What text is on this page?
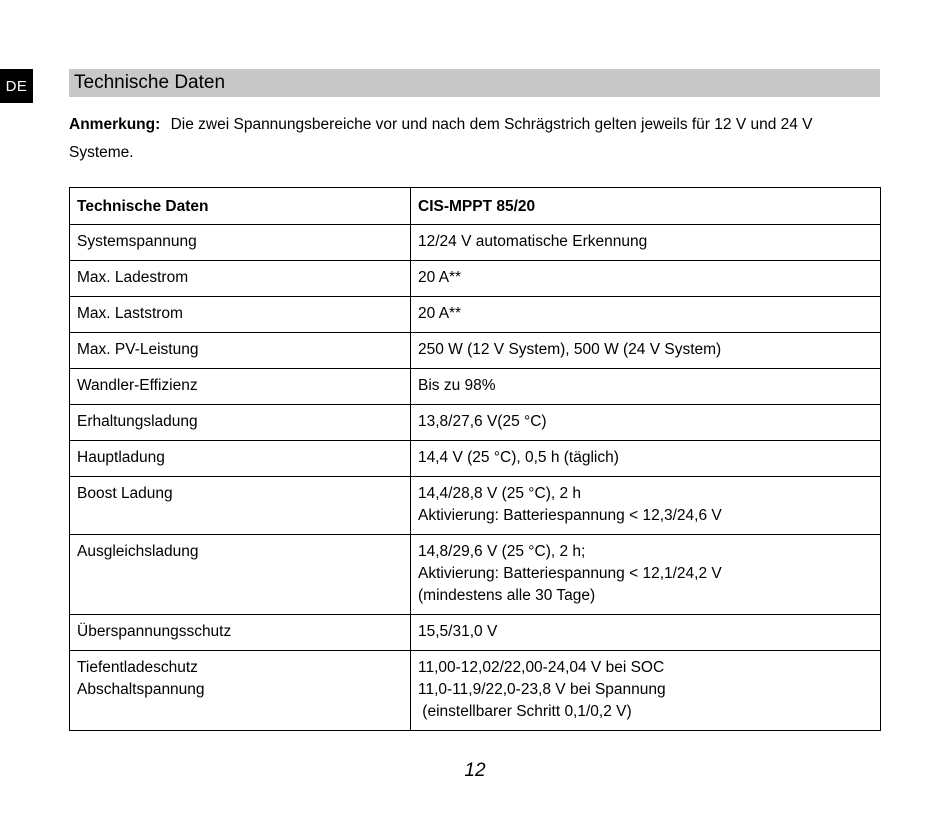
DE Technische Daten
Anmerkung: Die zwei Spannungsbereiche vor und nach dem Schrägstrich gelten jeweils für 12 V und 24 V Systeme.
Technische Daten	CIS-MPPT 85/20

Systemspannung	12/24 V automatische Erkennung

Max. Ladestrom	20 A**

Max. Laststrom	20 A**

Max. PV-Leistung	250 W (12 V System), 500 W (24 V System)

Wandler-Effizienz	Bis zu 98%

Erhaltungsladung	13,8/27,6 V(25 °C)

Hauptladung	14,4 V (25 °C), 0,5 h (täglich)

Boost Ladung	14,4/28,8 V (25 °C), 2 h
Aktivierung: Batteriespannung < 12,3/24,6 V

Ausgleichsladung	14,8/29,6 V (25 °C), 2 h;
Aktivierung: Batteriespannung < 12,1/24,2 V
(mindestens alle 30 Tage)

Überspannungsschutz	15,5/31,0 V

Tiefentladeschutz
Abschaltspannung	11,00-12,02/22,00-24,04 V bei SOC
11,0-11,9/22,0-23,8 V bei Spannung
(einstellbarer Schritt 0,1/0,2 V)
12
